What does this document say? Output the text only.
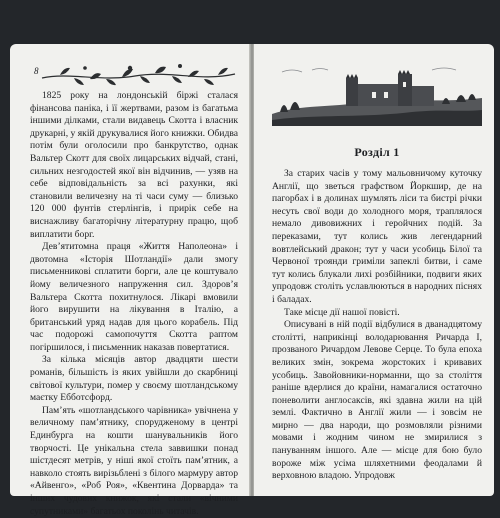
8

1825 року на лондонській біржі сталася фінансова паніка, і її жертвами, разом із багатьма іншими ділками, стали видавець Скотта і власник друкарні, у якій друкувалися його книжки. Обидва потім були оголосили про банкрутство, однак Вальтер Скотт для своїх лицарських відчай, стані, сильних незгодостей якої він відчинив, — узяв на себе відповідальність за всі рахунки, які становили величезну на ті часи суму — близько 120 000 фунтів стерлінгів, і прирік себе на виснажливу багаторічну літературну працю, щоб виплатити борг.

Дев’ятитомна праця «Життя Наполеона» і двотомна «Історія Шотландії» дали змогу письменникові сплатити борги, але це коштувало йому величезного напруження сил. Здоров’я Вальтера Скотта похитнулося. Лікарі вмовили його вирушити на лікування в Італію, а британський уряд надав для цього корабель. Під час подорожі самопочуття Скотта раптом погіршилося, і письменник наказав повертатися.

За кілька місяців автор двадцяти шести романів, більшість із яких увійшли до скарбниці світової культури, помер у своєму шотландському маєтку Ебботсфорд.

Пам’ять «шотландського чарівника» увічнена у величному пам’ятнику, спорудженому в центрі Единбурга на кошти шанувальників його творчості. Це унікальна стела заввишки понад шістдесят метрів, у ніші якої стоїть пам’ятник, а навколо стоять вирізьблені з білого мармуру автор «Айвенго», «Роб Роя», «Квентина Дорварда» та інших чудових книжок, які стали «вічними супутниками» багатьох поколінь читачів.

Розділ 1

За старих часів у тому мальовничому куточку Англії, що зветься графством Йоркшир, де на пагорбах і в долинах шумлять ліси та бистрі річки несуть свої води до холодного моря, траплялося немало дивовижних і геройчних подій. За переказами, тут колись жив легендарний вовтлейський дракон; тут у часи усобиць Білої та Червоної троянди гриміли запеклі битви, і саме тут колись блукали лихі розбійники, подвиги яких упродовж століть уславлюються в народних піснях і баладах.

Таке місце дії нашої повісті.

Описувані в ній події відбулися в дванадцятому столітті, наприкінці володарювання Ричарда I, прозваного Ричардом Левове Серце. То була епоха великих змін, зокрема жорстоких і кривавих усобиць. Завойовники-норманни, що за століття раніше вдерлися до країни, намагалися остаточно поневолити англосаксів, які здавна жили на цій землі. Фактично в Англії жили — і зовсім не мирно — два народи, що розмовляли різними мовами і жодним чином не змирилися з пануванням іншого. Але — місце для бою було вороже між усіма шляхетними феодалами й верховною владою. Упродовж
